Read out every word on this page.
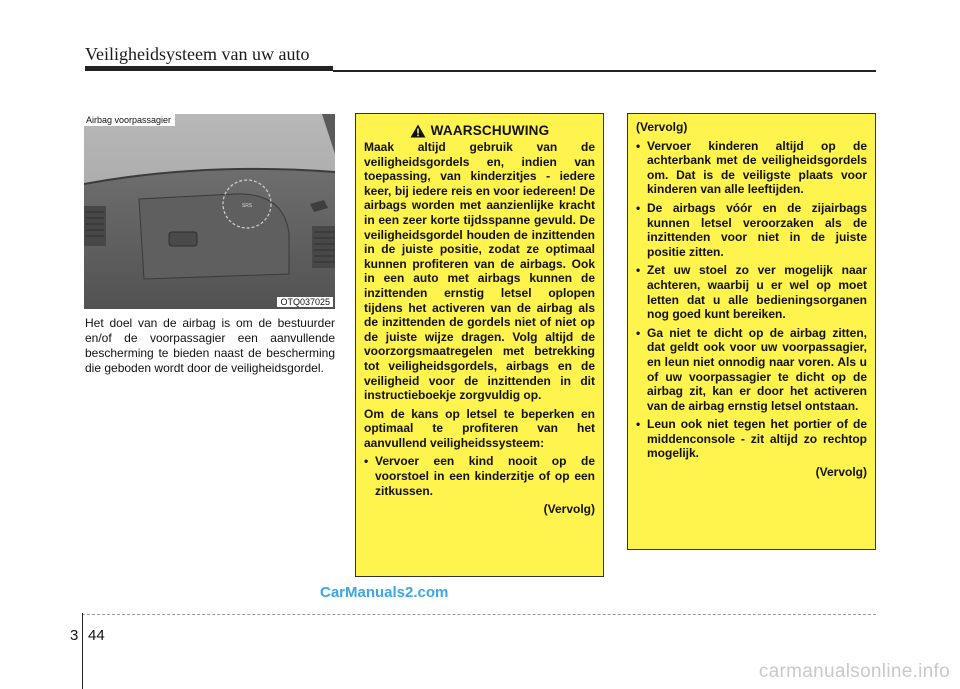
Veiligheidsysteem van uw auto
SRS
Airbag voorpassagier
OTQ037025
Het doel van de airbag is om de bestuurder en/of de voorpassagier een aanvullende bescherming te bieden naast de bescherming die geboden wordt door de veiligheidsgordel.
WAARSCHUWING

Maak altijd gebruik van de veiligheidsgordels en, indien van toepassing, van kinderzitjes - iedere keer, bij iedere reis en voor iedereen! De airbags worden met aanzienlijke kracht in een zeer korte tijdsspanne gevuld. De veiligheidsgordel houden de inzittenden in de juiste positie, zodat ze optimaal kunnen profiteren van de airbags. Ook in een auto met airbags kunnen de inzittenden ernstig letsel oplopen tijdens het activeren van de airbag als de inzittenden de gordels niet of niet op de juiste wijze dragen. Volg altijd de voorzorgsmaatregelen met betrekking tot veiligheidsgordels, airbags en de veiligheid voor de inzittenden in dit instructieboekje zorgvuldig op.

Om de kans op letsel te beperken en optimaal te profiteren van het aanvullend veiligheidssysteem:

• Vervoer een kind nooit op de voorstoel in een kinderzitje of op een zitkussen.
(Vervolg)

(Vervolg)

• Vervoer kinderen altijd op de achterbank met de veiligheidsgordels om. Dat is de veiligste plaats voor kinderen van alle leeftijden.
• De airbags vóór en de zijairbags kunnen letsel veroorzaken als de inzittenden voor niet in de juiste positie zitten.
• Zet uw stoel zo ver mogelijk naar achteren, waarbij u er wel op moet letten dat u alle bedieningsorganen nog goed kunt bereiken.
• Ga niet te dicht op de airbag zitten, dat geldt ook voor uw voorpassagier, en leun niet onnodig naar voren. Als u of uw voorpassagier te dicht op de airbag zit, kan er door het activeren van de airbag ernstig letsel ontstaan.
• Leun ook niet tegen het portier of de middenconsole - zit altijd zo rechtop mogelijk.
(Vervolg)
CarManuals2.com
3 44
carmanualsonline.info
